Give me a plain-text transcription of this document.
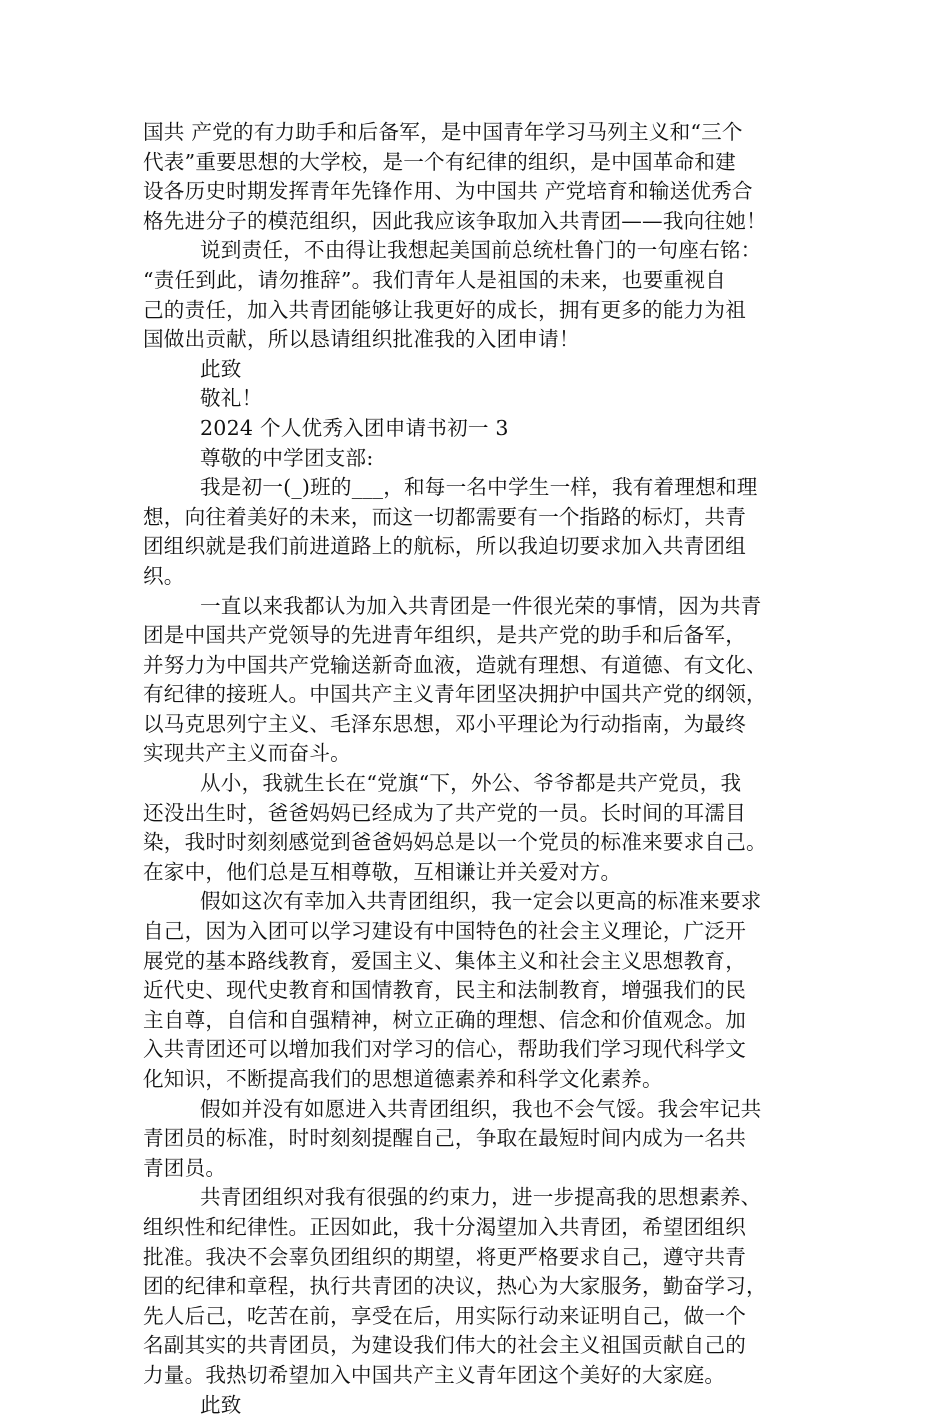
国共 产党的有力助手和后备军，是中国青年学习马列主义和“三个
代表”重要思想的大学校，是一个有纪律的组织，是中国革命和建
设各历史时期发挥青年先锋作用、为中国共 产党培育和输送优秀合
格先进分子的模范组织，因此我应该争取加入共青团——我向往她！
说到责任，不由得让我想起美国前总统杜鲁门的一句座右铭：
“责任到此，请勿推辞”。我们青年人是祖国的未来，也要重视自
己的责任，加入共青团能够让我更好的成长，拥有更多的能力为祖
国做出贡献，所以恳请组织批准我的入团申请！
此致
敬礼！
2024 个人优秀入团申请书初一 3
尊敬的中学团支部:
我是初一(_)班的___，和每一名中学生一样，我有着理想和理
想，向往着美好的未来，而这一切都需要有一个指路的标灯，共青
团组织就是我们前进道路上的航标，所以我迫切要求加入共青团组
织。
一直以来我都认为加入共青团是一件很光荣的事情，因为共青
团是中国共产党领导的先进青年组织，是共产党的助手和后备军，
并努力为中国共产党输送新奇血液，造就有理想、有道德、有文化、
有纪律的接班人。中国共产主义青年团坚决拥护中国共产党的纲领，
以马克思列宁主义、毛泽东思想，邓小平理论为行动指南，为最终
实现共产主义而奋斗。
从小，我就生长在“党旗“下，外公、爷爷都是共产党员，我
还没出生时，爸爸妈妈已经成为了共产党的一员。长时间的耳濡目
染，我时时刻刻感觉到爸爸妈妈总是以一个党员的标准来要求自己。
在家中，他们总是互相尊敬，互相谦让并关爱对方。
假如这次有幸加入共青团组织，我一定会以更高的标准来要求
自己，因为入团可以学习建设有中国特色的社会主义理论，广泛开
展党的基本路线教育，爱国主义、集体主义和社会主义思想教育，
近代史、现代史教育和国情教育，民主和法制教育，增强我们的民
主自尊，自信和自强精神，树立正确的理想、信念和价值观念。加
入共青团还可以增加我们对学习的信心，帮助我们学习现代科学文
化知识，不断提高我们的思想道德素养和科学文化素养。
假如并没有如愿进入共青团组织，我也不会气馁。我会牢记共
青团员的标准，时时刻刻提醒自己，争取在最短时间内成为一名共
青团员。
共青团组织对我有很强的约束力，进一步提高我的思想素养、
组织性和纪律性。正因如此，我十分渴望加入共青团，希望团组织
批准。我决不会辜负团组织的期望，将更严格要求自己，遵守共青
团的纪律和章程，执行共青团的决议，热心为大家服务，勤奋学习，
先人后己，吃苦在前，享受在后，用实际行动来证明自己，做一个
名副其实的共青团员，为建设我们伟大的社会主义祖国贡献自己的
力量。我热切希望加入中国共产主义青年团这个美好的大家庭。
此致
